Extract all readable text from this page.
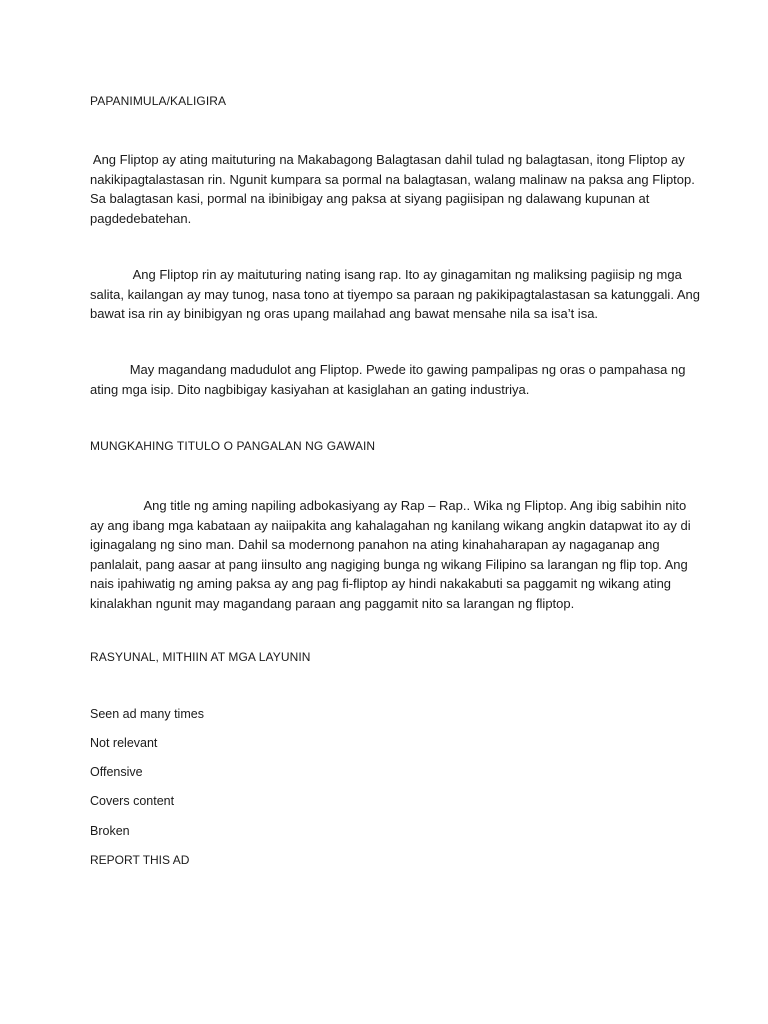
PAPANIMULA/KALIGIRA
Ang Fliptop ay ating maituturing na Makabagong Balagtasan dahil tulad ng balagtasan, itong Fliptop ay
nakikipagtalastasan rin. Ngunit kumpara sa pormal na balagtasan, walang malinaw na paksa ang Fliptop.
Sa balagtasan kasi, pormal na ibinibigay ang paksa at siyang pagiisipan ng dalawang kupunan at
pagdedebatehan.
Ang Fliptop rin ay maituturing nating isang rap. Ito ay ginagamitan ng maliksing pagiisip ng mga
salita, kailangan ay may tunog, nasa tono at tiyempo sa paraan ng pakikipagtalastasan sa katunggali. Ang
bawat isa rin ay binibigyan ng oras upang mailahad ang bawat mensahe nila sa isa’t isa.
May magandang madudulot ang Fliptop. Pwede ito gawing pampalipas ng oras o pampahasa ng
ating mga isip. Dito nagbibigay kasiyahan at kasiglahan an gating industriya.
MUNGKAHING TITULO O PANGALAN NG GAWAIN
Ang title ng aming napiling adbokasiyang ay Rap – Rap.. Wika ng Fliptop. Ang ibig sabihin nito
ay ang ibang mga kabataan ay naiipakita ang kahalagahan ng kanilang wikang angkin datapwat ito ay di
iginagalang ng sino man. Dahil sa modernong panahon na ating kinahaharapan ay nagaganap ang
panlalait, pang aasar at pang iinsulto ang nagiging bunga ng wikang Filipino sa larangan ng flip top. Ang
nais ipahiwatig ng aming paksa ay ang pag fi-fliptop ay hindi nakakabuti sa paggamit ng wikang ating
kinalakhan ngunit may magandang paraan ang paggamit nito sa larangan ng fliptop.
RASYUNAL, MITHIIN AT MGA LAYUNIN
Seen ad many times
Not relevant
Offensive
Covers content
Broken
REPORT THIS AD
